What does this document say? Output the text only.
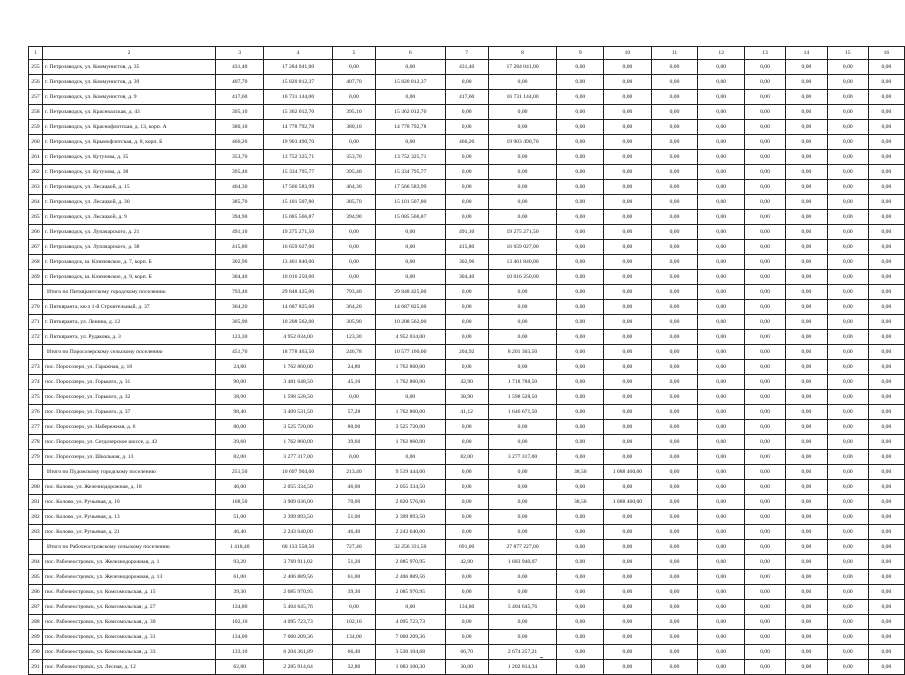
1	2	3	4	5	6	7	8	9	10	11	12	13	14	15	16
255	г. Петрозаводск, ул. Коммунистов, д. 35	431,40	17 284 041,00	0,00	0,00	431,40	17 284 041,00	0,00	0,00	0,00	0,00	0,00	0,00	0,00	0,00
256	г. Петрозаводск, ул. Коммунистов, д. 39	407,70	15 820 812,37	407,70	15 820 812,37	0,00	0,00	0,00	0,00	0,00	0,00	0,00	0,00	0,00	0,00
257	г. Петрозаводск, ул. Коммунистов, д. 9	417,60	16 731 144,00	0,00	0,00	417,60	16 731 144,00	0,00	0,00	0,00	0,00	0,00	0,00	0,00	0,00
258	г. Петрозаводск, ул. Красноалская, д. 43	395,10	15 362 012,70	395,10	15 362 012,70	0,00	0,00	0,00	0,00	0,00	0,00	0,00	0,00	0,00	0,00
259	г. Петрозаводск, ул. Краснофлотская, д. 13, корп. А	380,10	14 778 792,78	380,10	14 778 792,78	0,00	0,00	0,00	0,00	0,00	0,00	0,00	0,00	0,00	0,00
260	г. Петрозаводск, ул. Крымофлотская, д. 8, корп. Б	466,20	19 903 490,70	0,00	0,00	466,20	19 903 490,70	0,00	0,00	0,00	0,00	0,00	0,00	0,00	0,00
261	г. Петрозаводск, ул. Кутузова, д. 35	353,70	13 752 325,71	353,70	13 752 325,71	0,00	0,00	0,00	0,00	0,00	0,00	0,00	0,00	0,00	0,00
262	г. Петрозаводск, ул. Кутузова, д. 38	395,40	15 334 795,77	395,40	15 334 795,77	0,00	0,00	0,00	0,00	0,00	0,00	0,00	0,00	0,00	0,00
263	г. Петрозаводск, ул. Лесацкой, д. 15	464,30	17 566 583,99	464,30	17 566 583,99	0,00	0,00	0,00	0,00	0,00	0,00	0,00	0,00	0,00	0,00
264	г. Петрозаводск, ул. Лесацкой, д. 30	385,70	15 101 507,80	385,70	15 101 507,80	0,00	0,00	0,00	0,00	0,00	0,00	0,00	0,00	0,00	0,00
265	г. Петрозаводск, ул. Лесацкой, д. 9	394,90	15 085 566,87	394,90	15 085 566,87	0,00	0,00	0,00	0,00	0,00	0,00	0,00	0,00	0,00	0,00
266	г. Петрозаводск, ул. Лупачарского, д. 21	491,10	19 275 271,50	0,00	0,00	491,10	19 275 271,50	0,00	0,00	0,00	0,00	0,00	0,00	0,00	0,00
267	г. Петрозаводск, ул. Лупачарского, д. 38	415,80	16 659 027,00	0,00	0,00	415,80	16 659 027,00	0,00	0,00	0,00	0,00	0,00	0,00	0,00	0,00
268	г. Петрозаводск, ш. Ключевское, д. 7, корп. Б	302,96	13 461 840,00	0,00	0,00	302,96	13 461 840,00	0,00	0,00	0,00	0,00	0,00	0,00	0,00	0,00
269	г. Петрозаводск, ш. Ключевское, д. 9, корп. Б	304,40	10 016 250,00	0,00	0,00	304,40	10 016 250,00	0,00	0,00	0,00	0,00	0,00	0,00	0,00	0,00
	Итого по Питкярантскому городскому поселению	793,40	29 848 425,00	793,40	29 848 425,00	0,00	0,00	0,00	0,00	0,00	0,00	0,00	0,00	0,00	0,00
270	г. Питкяранта, кв-л 1-й Строительный, д. 37	364,20	14 687 825,00	364,20	14 687 825,00	0,00	0,00	0,00	0,00	0,00	0,00	0,00	0,00	0,00	0,00
271	г. Питкяранта, ул. Ленина, д. 12	305,90	10 208 562,00	305,90	10 208 562,00	0,00	0,00	0,00	0,00	0,00	0,00	0,00	0,00	0,00	0,00
272	г. Питкяранта, ул. Рудакова, д. 3	123,30	4 952 034,00	123,30	4 952 034,00	0,00	0,00	0,00	0,00	0,00	0,00	0,00	0,00	0,00	0,00
	Итого по Поросозерскому сельскому поселению	451,70	18 778 463,50	246,78	10 577 160,00	204,92	8 201 303,50	0,00	0,00	0,00	0,00	0,00	0,00	0,00	0,00
273	пос. Поросозеро, ул. Гаражная, д. 18	24,80	1 762 860,00	24,80	1 762 860,00	0,00	0,00	0,00	0,00	0,00	0,00	0,00	0,00	0,00	0,00
274	пос. Поросозеро, ул. Горького, д. 31	90,00	3 481 648,50	45,10	1 762 860,00	42,90	1 718 788,50	0,00	0,00	0,00	0,00	0,00	0,00	0,00	0,00
275	пос. Поросозеро, ул. Горького, д. 32	38,90	1 598 528,50	0,00	0,00	38,90	1 598 528,50	0,00	0,00	0,00	0,00	0,00	0,00	0,00	0,00
276	пос. Поросозеро, ул. Горького, д. 37	98,40	3 409 531,50	57,28	1 762 860,00	41,12	1 646 671,50	0,00	0,00	0,00	0,00	0,00	0,00	0,00	0,00
277	пос. Поросозеро, ул. Набережная, д. 6	80,00	3 525 720,00	80,00	3 525 720,00	0,00	0,00	0,00	0,00	0,00	0,00	0,00	0,00	0,00	0,00
278	пос. Поросозеро, ул. Сегдозерское шоссе, д. 42	39,60	1 762 860,00	39,60	1 762 860,00	0,00	0,00	0,00	0,00	0,00	0,00	0,00	0,00	0,00	0,00
279	пос. Поросозеро, ул. Школьная, д. 13	82,00	3 277 317,00	0,00	0,00	82,00	3 277 317,00	0,00	0,00	0,00	0,00	0,00	0,00	0,00	0,00
	Итого по Пудожскому городскому поселению	251,50	10 697 904,00	213,40	9 519 444,00	0,00	0,00	38,50	1 088 460,00	0,00	0,00	0,00	0,00	0,00	0,00
280	пос. Колово, ул. Железнодорожная, д. 18	46,00	2 055 334,50	46,00	2 055 334,50	0,00	0,00	0,00	0,00	0,00	0,00	0,00	0,00	0,00	0,00
281	пос. Колово, ул. Ручьевая, д. 10	108,50	3 909 036,00	70,00	2 820 576,00	0,00	0,00	38,50	1 088 460,00	0,00	0,00	0,00	0,00	0,00	0,00
282	пос. Колово, ул. Ручьевая, д. 13	51,00	2 399 893,50	51,00	2 399 893,50	0,00	0,00	0,00	0,00	0,00	0,00	0,00	0,00	0,00	0,00
283	пос. Колово, ул. Ручьевая, д. 21	46,40	2 243 640,00	46,40	2 243 640,00	0,00	0,00	0,00	0,00	0,00	0,00	0,00	0,00	0,00	0,00
	Итого по Рабочеостровскому сельскому поселению	1 418,40	60 133 558,50	727,40	32 256 331,50	691,00	27 877 227,00	0,00	0,00	0,00	0,00	0,00	0,00	0,00	0,00
284	пос. Рабочеостровск, ул. Железнодорожная, д. 1	93,20	3 769 911,02	51,20	2 085 970,95	42,00	1 683 940,07	0,00	0,00	0,00	0,00	0,00	0,00	0,00	0,00
285	пос. Рабочеостровск, ул. Железнодорожная, д. 13	61,00	2 406 889,56	61,00	2 406 889,56	0,00	0,00	0,00	0,00	0,00	0,00	0,00	0,00	0,00	0,00
286	пос. Рабочеостровск, ул. Комсомольская, д. 15	39,30	2 085 970,95	39,30	2 085 970,95	0,00	0,00	0,00	0,00	0,00	0,00	0,00	0,00	0,00	0,00
287	пос. Рабочеостровск, ул. Комсомольская, д. 27	134,80	5 404 645,76	0,00	0,00	134,80	5 404 645,76	0,00	0,00	0,00	0,00	0,00	0,00	0,00	0,00
288	пос. Рабочеостровск, ул. Комсомольская, д. 30	102,10	4 095 723,73	102,10	4 095 723,73	0,00	0,00	0,00	0,00	0,00	0,00	0,00	0,00	0,00	0,00
289	пос. Рабочеостровск, ул. Комсомольская, д. 31	134,00	7 060 209,36	134,00	7 060 209,36	0,00	0,00	0,00	0,00	0,00	0,00	0,00	0,00	0,00	0,00
290	пос. Рабочеостровск, ул. Комсомольская, д. 33	133,10	6 204 361,89	66,40	3 530 104,68	66,70	2 674 257,21	0,00	0,00	0,00	0,00	0,00	0,00	0,00	0,00
291	пос. Рабочеостровск, ул. Лесная, д. 12	62,80	2 285 914,64	32,80	1 083 100,30	30,00	1 202 814,34	0,00	0,00	0,00	0,00	0,00	0,00	0,00	0,00
